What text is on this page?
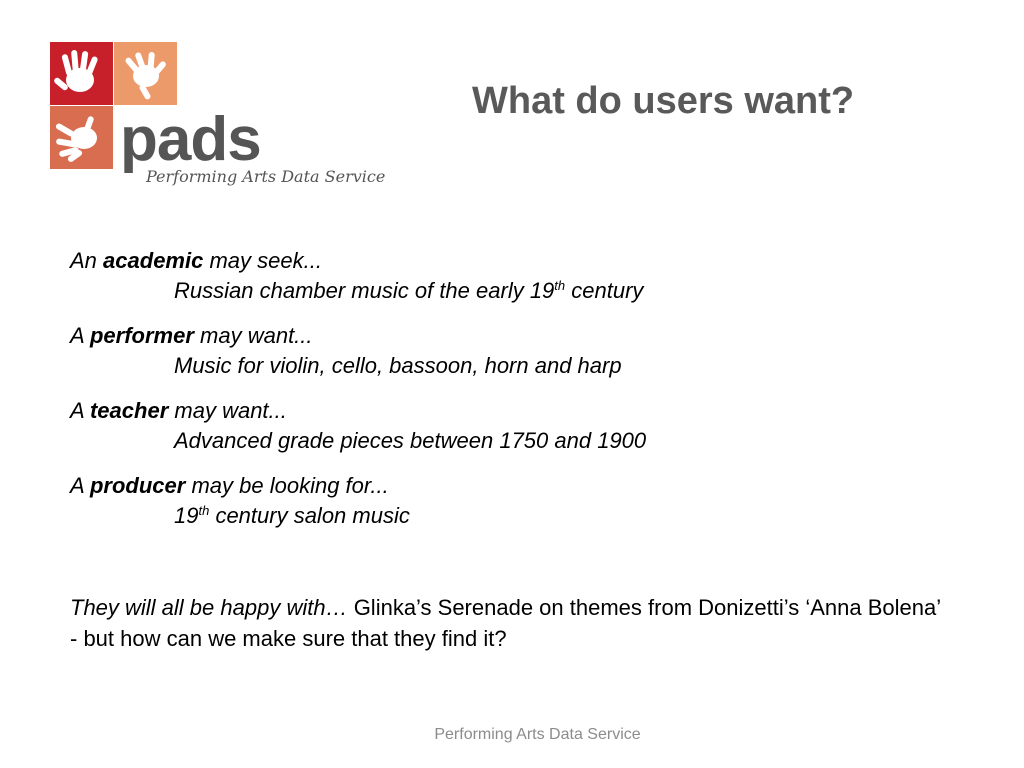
pads
Performing Arts Data Service
What do users want?
An academic may seek...
Russian chamber music of the early 19th century
A performer may want...
Music for violin, cello, bassoon, horn and harp
A teacher may want...
Advanced grade pieces between 1750 and 1900
A producer may be looking for...
19th century salon music
They will all be happy with… Glinka’s Serenade on themes from Donizetti’s ‘Anna Bolena’ - but how can we make sure that they find it?
Performing Arts Data Service
